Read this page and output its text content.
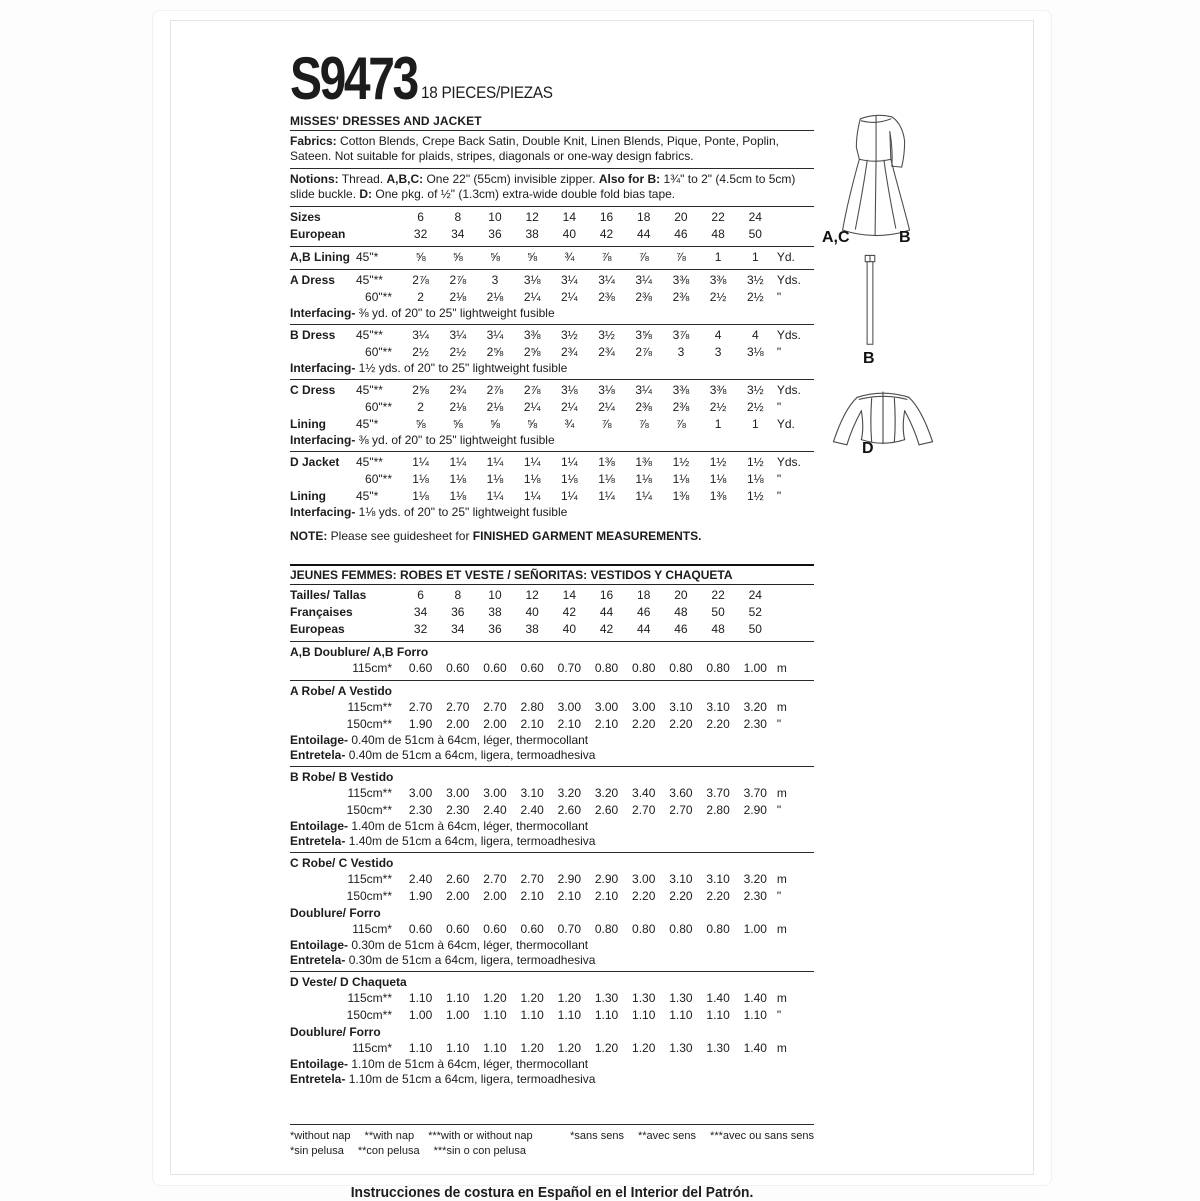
S9473 18 PIECES/PIEZAS
MISSES' DRESSES AND JACKET
Fabrics: Cotton Blends, Crepe Back Satin, Double Knit, Linen Blends, Pique, Ponte, Poplin, Sateen. Not suitable for plaids, stripes, diagonals or one-way design fabrics.
Notions: Thread. A,B,C: One 22" (55cm) invisible zipper. Also for B: 1¾" to 2" (4.5cm to 5cm) slide buckle. D: One pkg. of ½" (1.3cm) extra-wide double fold bias tape.
Sizes	6	8	10	12	14	16	18	20	22	24
European	32	34	36	38	40	42	44	46	48	50
A,B Lining 45"*	⅝	⅝	⅝	⅝	¾	⅞	⅞	⅞	1	1	Yd.
A Dress	45"**	2⅞	2⅞	3	3⅛	3¼	3¼	3¼	3⅜	3⅜	3½	Yds.
60"**	2	2⅛	2⅛	2¼	2¼	2⅜	2⅜	2⅜	2½	2½	"
Interfacing- ⅜ yd. of 20" to 25" lightweight fusible
B Dress	45"**	3¼	3¼	3¼	3⅜	3½	3½	3⅝	3⅞	4	4	Yds.
60"**	2½	2½	2⅝	2⅝	2¾	2¾	2⅞	3	3	3⅛	"
Interfacing- 1½ yds. of 20" to 25" lightweight fusible
C Dress	45"**	2⅝	2¾	2⅞	2⅞	3⅛	3⅛	3¼	3⅜	3⅜	3½	Yds.
60"**	2	2⅛	2⅛	2¼	2¼	2¼	2⅜	2⅜	2½	2½	"
Lining	45"*	⅝	⅝	⅝	⅝	¾	⅞	⅞	⅞	1	1	Yd.
Interfacing- ⅜ yd. of 20" to 25" lightweight fusible
D Jacket	45"**	1¼	1¼	1¼	1¼	1¼	1⅜	1⅜	1½	1½	1½	Yds.
60"**	1⅛	1⅛	1⅛	1⅛	1⅛	1⅛	1⅛	1⅛	1⅛	1⅛	"
Lining	45"*	1⅛	1⅛	1¼	1¼	1¼	1¼	1¼	1⅜	1⅜	1½	"
Interfacing- 1⅛ yds. of 20" to 25" lightweight fusible
NOTE: Please see guidesheet for FINISHED GARMENT MEASUREMENTS.
JEUNES FEMMES: ROBES ET VESTE / SEÑORITAS: VESTIDOS Y CHAQUETA
Tailles/ Tallas	6	8	10	12	14	16	18	20	22	24
Françaises	34	36	38	40	42	44	46	48	50	52
Europeas	32	34	36	38	40	42	44	46	48	50
A,B Doublure/ A,B Forro
115cm*	0.60	0.60	0.60	0.60	0.70	0.80	0.80	0.80	0.80	1.00 m
A Robe/ A Vestido
115cm**	2.70	2.70	2.70	2.80	3.00	3.00	3.00	3.10	3.10	3.20 m
150cm**	1.90	2.00	2.00	2.10	2.10	2.10	2.20	2.20	2.20	2.30 "
Entoilage- 0.40m de 51cm à 64cm, léger, thermocollant
Entretela- 0.40m de 51cm a 64cm, ligera, termoadhesiva
B Robe/ B Vestido
115cm**	3.00	3.00	3.00	3.10	3.20	3.20	3.40	3.60	3.70	3.70 m
150cm**	2.30	2.30	2.40	2.40	2.60	2.60	2.70	2.70	2.80	2.90 "
Entoilage- 1.40m de 51cm à 64cm, léger, thermocollant
Entretela- 1.40m de 51cm a 64cm, ligera, termoadhesiva
C Robe/ C Vestido
115cm**	2.40	2.60	2.70	2.70	2.90	2.90	3.00	3.10	3.10	3.20 m
150cm**	1.90	2.00	2.00	2.10	2.10	2.10	2.20	2.20	2.20	2.30 "
Doublure/ Forro
115cm*	0.60	0.60	0.60	0.60	0.70	0.80	0.80	0.80	0.80	1.00 m
Entoilage- 0.30m de 51cm à 64cm, léger, thermocollant
Entretela- 0.30m de 51cm a 64cm, ligera, termoadhesiva
D Veste/ D Chaqueta
115cm**	1.10	1.10	1.20	1.20	1.20	1.30	1.30	1.30	1.40	1.40 m
150cm**	1.00	1.00	1.10	1.10	1.10	1.10	1.10	1.10	1.10	1.10 "
Doublure/ Forro
115cm*	1.10	1.10	1.10	1.20	1.20	1.20	1.20	1.30	1.30	1.40 m
Entoilage- 1.10m de 51cm à 64cm, léger, thermocollant
Entretela- 1.10m de 51cm a 64cm, ligera, termoadhesiva
*without nap **with nap ***with or without nap	*sans sens **avec sens ***avec ou sans sens
*sin pelusa **con pelusa ***sin o con pelusa
Instrucciones de costura en Español en el Interior del Patrón.
A,C	B
B
D
